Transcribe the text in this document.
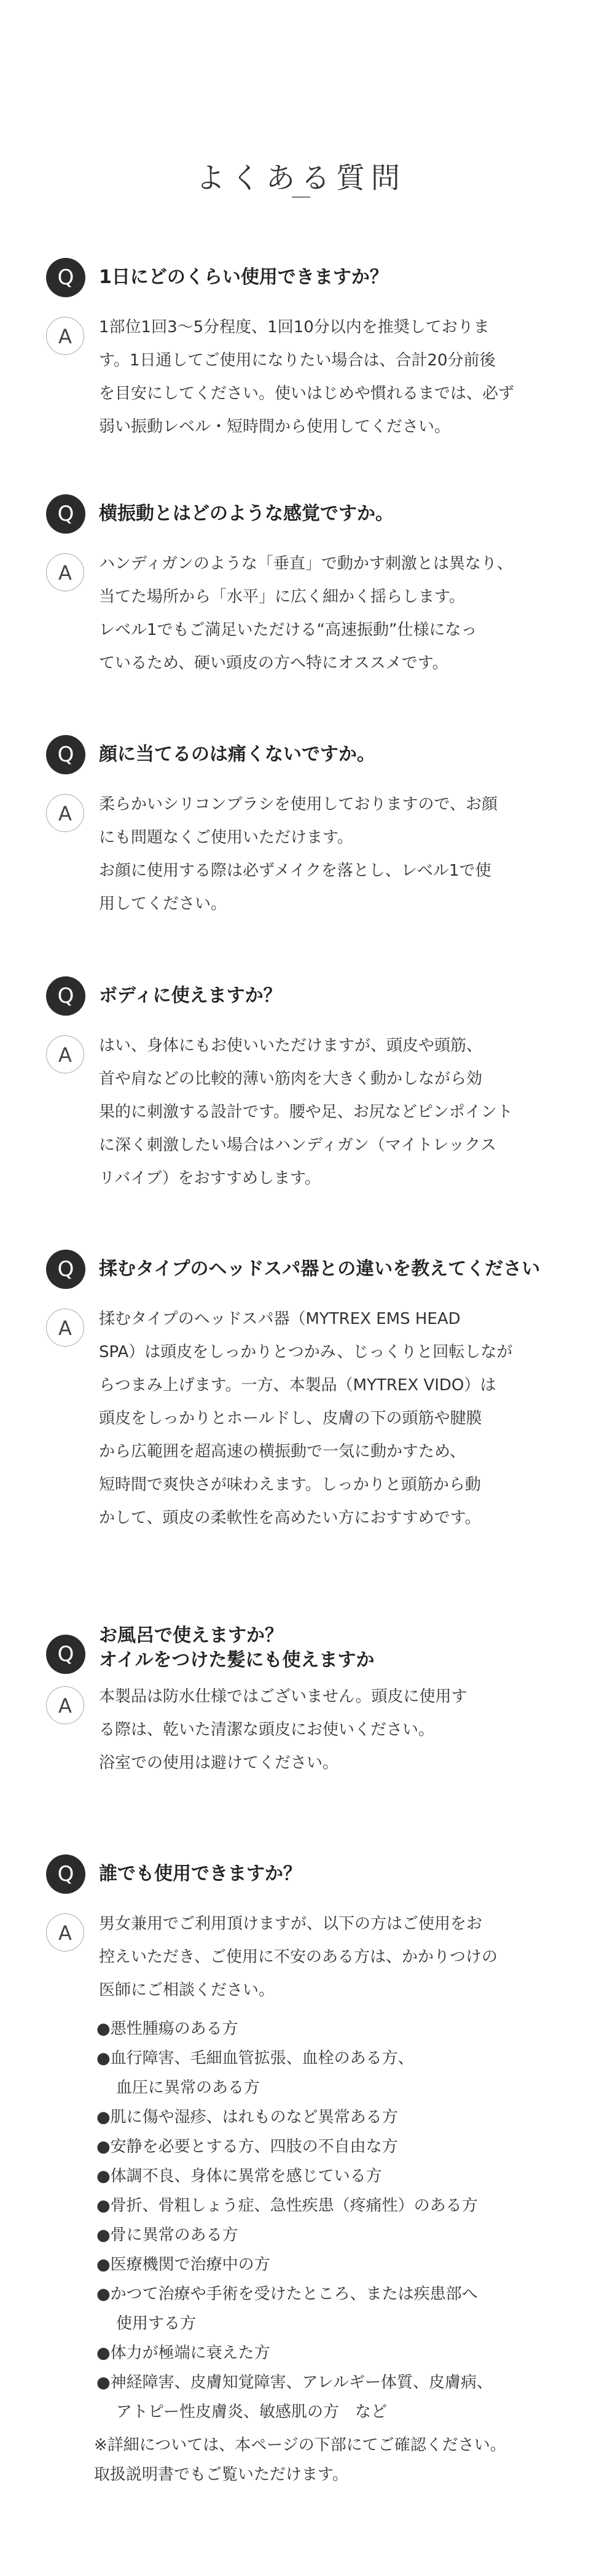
よくある質問
Q	1日にどのくらい使用できますか？
A	1部位1回3〜5分程度、1回10分以内を推奨しておりま
す。1日通してご使用になりたい場合は、合計20分前後
を目安にしてください。使いはじめや慣れるまでは、必ず
弱い振動レベル・短時間から使用してください。
Q	横振動とはどのような感覚ですか。
A	ハンディガンのような「垂直」で動かす刺激とは異なり、
当てた場所から「水平」に広く細かく揺らします。
レベル1でもご満足いただける“高速振動”仕様になっ
ているため、硬い頭皮の方へ特にオススメです。
Q	顔に当てるのは痛くないですか。
A	柔らかいシリコンブラシを使用しておりますので、お顔
にも問題なくご使用いただけます。
お顔に使用する際は必ずメイクを落とし、レベル1で使
用してください。
Q	ボディに使えますか？
A	はい、身体にもお使いいただけますが、頭皮や頭筋、
首や肩などの比較的薄い筋肉を大きく動かしながら効
果的に刺激する設計です。腰や足、お尻などピンポイント
に深く刺激したい場合はハンディガン（マイトレックス
リバイブ）をおすすめします。
Q	揉むタイプのヘッドスパ器との違いを教えてください
A	揉むタイプのヘッドスパ器（MYTREX EMS HEAD
SPA）は頭皮をしっかりとつかみ、じっくりと回転しなが
らつまみ上げます。一方、本製品（MYTREX VIDO）は
頭皮をしっかりとホールドし、皮膚の下の頭筋や腱膜
から広範囲を超高速の横振動で一気に動かすため、
短時間で爽快さが味わえます。しっかりと頭筋から動
かして、頭皮の柔軟性を高めたい方におすすめです。
Q
お風呂で使えますか？
オイルをつけた髪にも使えますか
A	本製品は防水仕様ではございません。頭皮に使用す
る際は、乾いた清潔な頭皮にお使いください。
浴室での使用は避けてください。
Q	誰でも使用できますか？
A	男女兼用でご利用頂けますが、以下の方はご使用をお
控えいただき、ご使用に不安のある方は、かかりつけの
医師にご相談ください。
●悪性腫瘍のある方
●血行障害、毛細血管拡張、血栓のある方、
血圧に異常のある方
●肌に傷や湿疹、はれものなど異常ある方
●安静を必要とする方、四肢の不自由な方
●体調不良、身体に異常を感じている方
●骨折、骨粗しょう症、急性疾患（疼痛性）のある方
●骨に異常のある方
●医療機関で治療中の方
●かつて治療や手術を受けたところ、または疾患部へ
使用する方
●体力が極端に衰えた方
●神経障害、皮膚知覚障害、アレルギー体質、皮膚病、
アトピー性皮膚炎、敏感肌の方　など
※詳細については、本ページの下部にてご確認ください。
取扱説明書でもご覧いただけます。
